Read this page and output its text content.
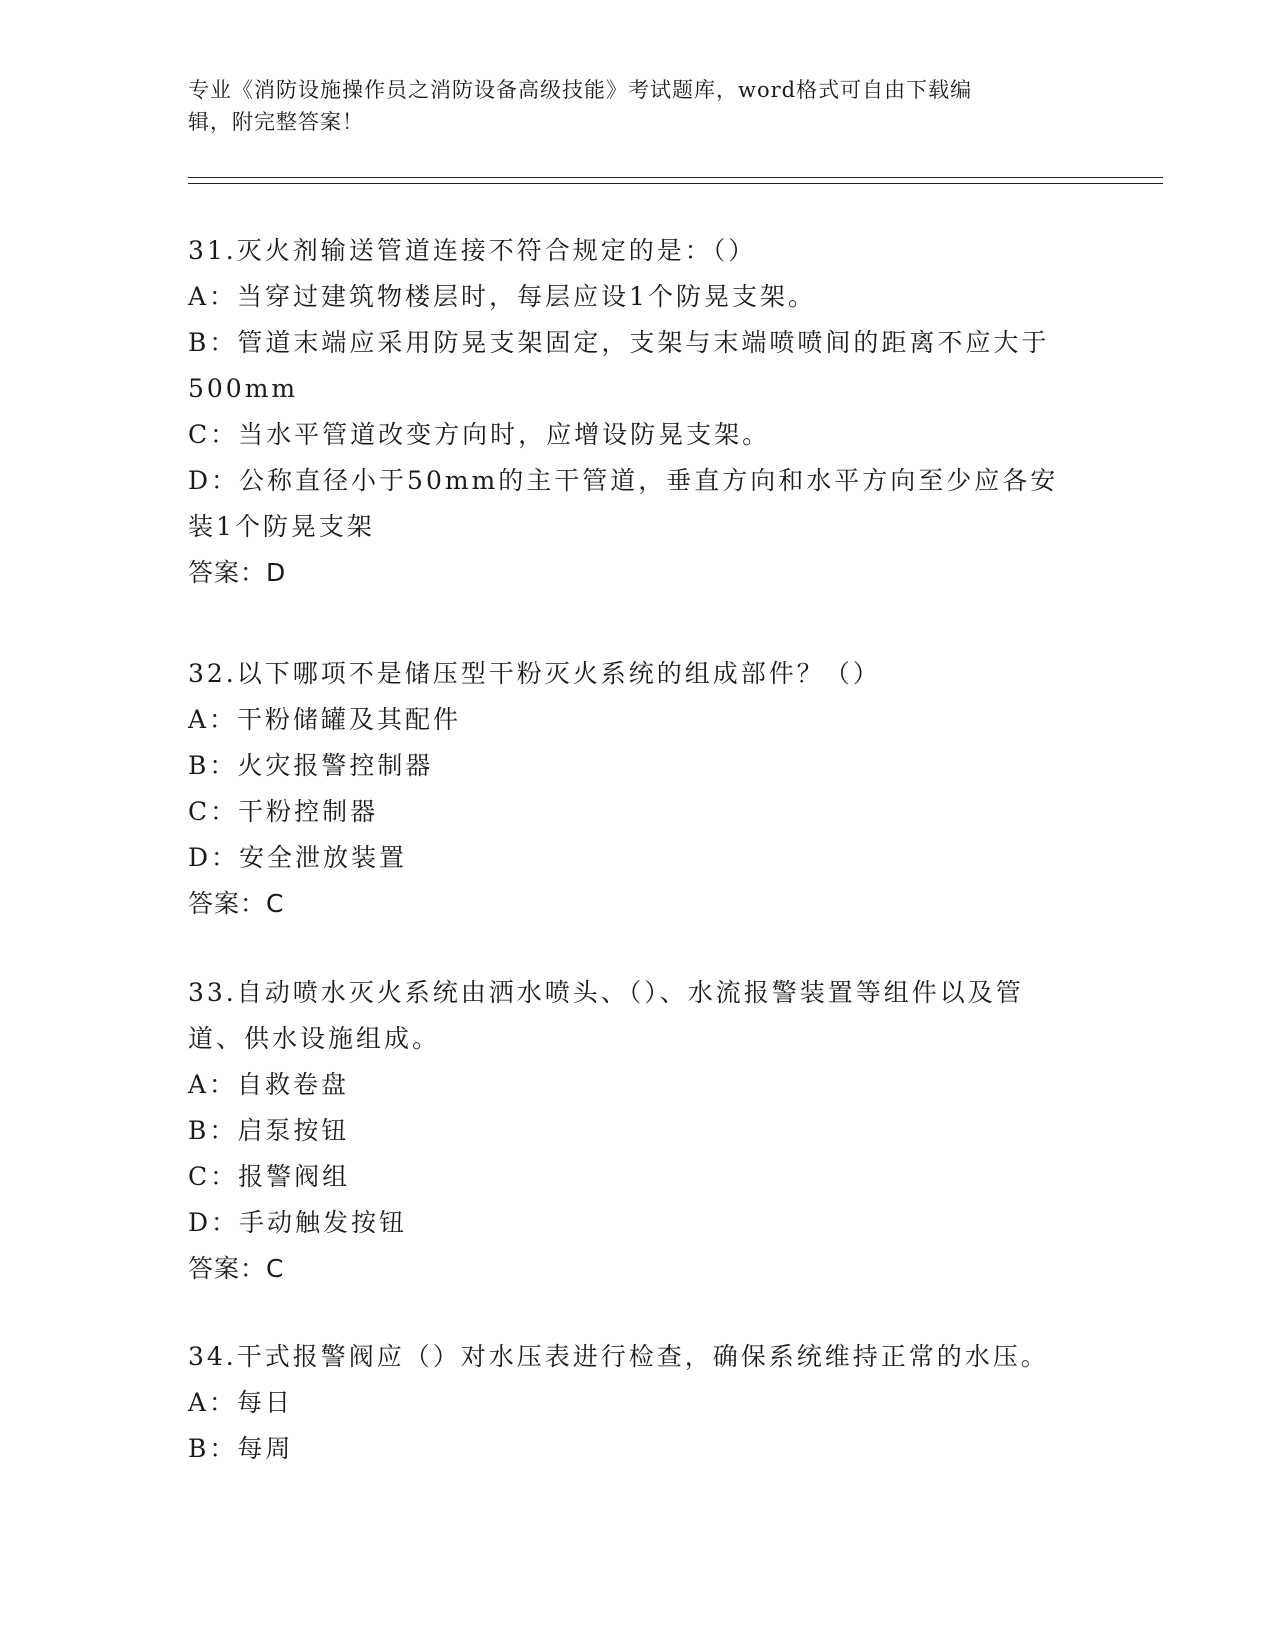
专业《消防设施操作员之消防设备高级技能》考试题库，word格式可自由下载编
辑，附完整答案！
31.灭火剂输送管道连接不符合规定的是：（）
A：当穿过建筑物楼层时，每层应设1个防晃支架。
B：管道末端应采用防晃支架固定，支架与末端喷喷间的距离不应大于
500mm
C：当水平管道改变方向时，应增设防晃支架。
D：公称直径小于50mm的主干管道，垂直方向和水平方向至少应各安
装1个防晃支架
答案：D
32.以下哪项不是储压型干粉灭火系统的组成部件？（）
A：干粉储罐及其配件
B：火灾报警控制器
C：干粉控制器
D：安全泄放装置
答案：C
33.自动喷水灭火系统由洒水喷头、（）、水流报警装置等组件以及管
道、供水设施组成。
A：自救卷盘
B：启泵按钮
C：报警阀组
D：手动触发按钮
答案：C
34.干式报警阀应（）对水压表进行检查，确保系统维持正常的水压。
A：每日
B：每周
